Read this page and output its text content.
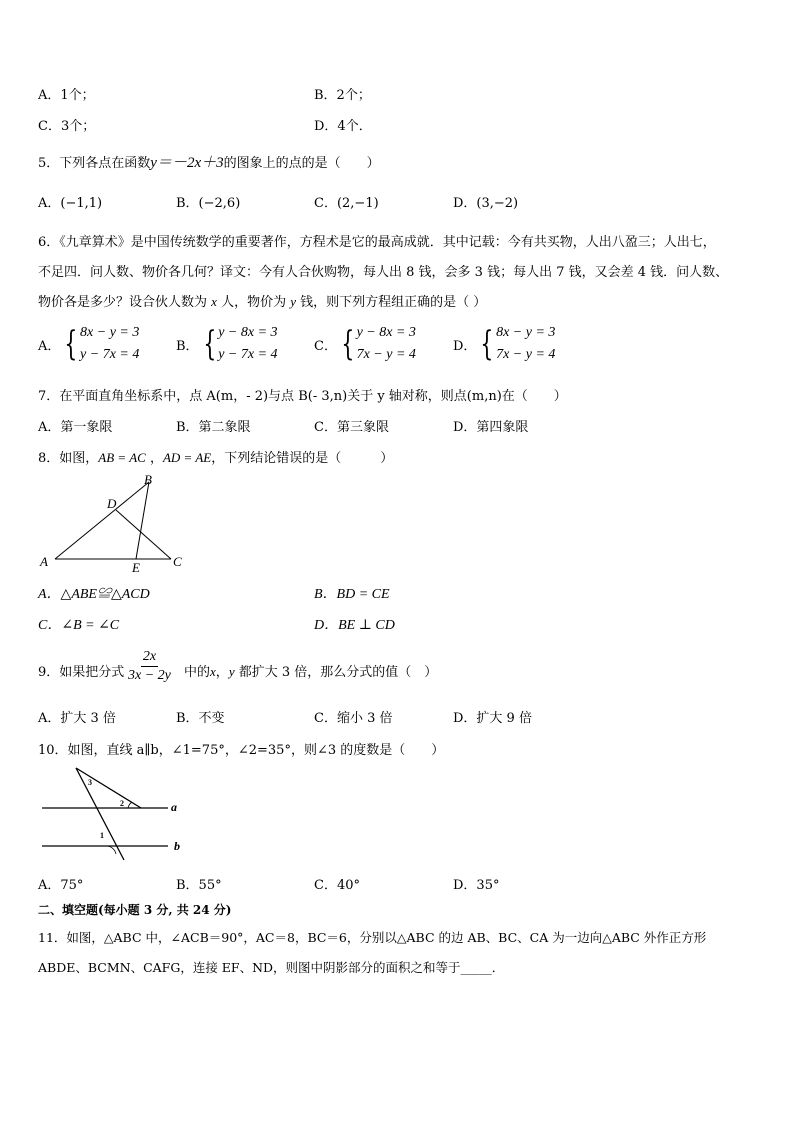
A．1个；	B．2个；
C．3个；	D．4个．
5．下列各点在函数y＝－2x＋3的图象上的点的是（　　）
A．(−1,1)	B．(−2,6)	C．(2,−1)	D．(3,−2)
6．《九章算术》是中国传统数学的重要著作，方程术是它的最高成就．其中记载：今有共买物，人出八盈三；人出七，
不足四．问人数、物价各几何？译文：今有人合伙购物，每人出 8 钱，会多 3 钱；每人出 7 钱，又会差 4 钱．问人数、
物价各是多少？设合伙人数为 x 人，物价为 y 钱，则下列方程组正确的是（ ）
A． { 8x − y = 3
y − 7x = 4
B． { y − 8x = 3
y − 7x = 4
C． { y − 8x = 3
7x − y = 4
D． { 8x − y = 3
7x − y = 4
7．在平面直角坐标系中，点 A(m，- 2)与点 B(- 3,n)关于 y 轴对称，则点(m,n)在（　　）
A．第一象限	B．第二象限	C．第三象限	D．第四象限
8．如图，AB = AC ，AD = AE，下列结论错误的是（　　　）
A
B
C
D
E
A．△ABE≌△ACD	B．BD = CE
C．∠B = ∠C	D．BE ⊥ CD
9．如果把分式 $\frac{2x}{3x - 2y}$ 中的x，y 都扩大 3 倍，那么分式的值（　）
A．扩大 3 倍	B．不变	C．缩小 3 倍	D．扩大 9 倍
10．如图，直线 a∥b，∠1=75°，∠2=35°，则∠3 的度数是（　　）
3
2
1
a
b
A．75°	B．55°	C．40°	D．35°
二、填空题(每小题 3 分, 共 24 分)
11．如图，△ABC 中，∠ACB＝90°，AC＝8，BC＝6，分别以△ABC 的边 AB、BC、CA 为一边向△ABC 外作正方形
ABDE、BCMN、CAFG，连接 EF、ND，则图中阴影部分的面积之和等于_____．
